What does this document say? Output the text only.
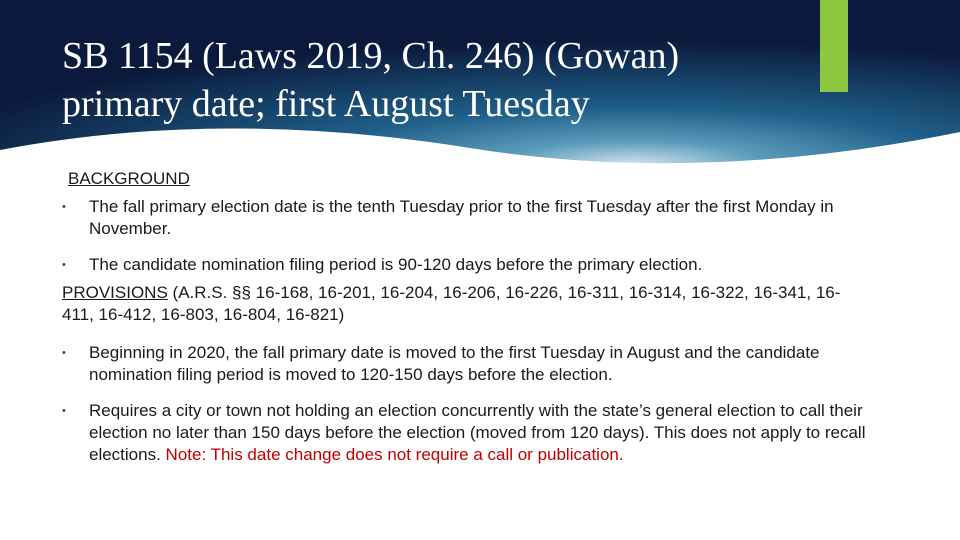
SB 1154 (Laws 2019, Ch. 246) (Gowan)
primary date; first August Tuesday

BACKGROUND

• The fall primary election date is the tenth Tuesday prior to the first Tuesday after the first Monday in November.
• The candidate nomination filing period is 90-120 days before the primary election.

PROVISIONS (A.R.S. §§ 16-168, 16-201, 16-204, 16-206, 16-226, 16-311, 16-314, 16-322, 16-341, 16-411, 16-412, 16-803, 16-804, 16-821)

• Beginning in 2020, the fall primary date is moved to the first Tuesday in August and the candidate nomination filing period is moved to 120-150 days before the election.
• Requires a city or town not holding an election concurrently with the state’s general election to call their election no later than 150 days before the election (moved from 120 days). This does not apply to recall elections. Note: This date change does not require a call or publication.
